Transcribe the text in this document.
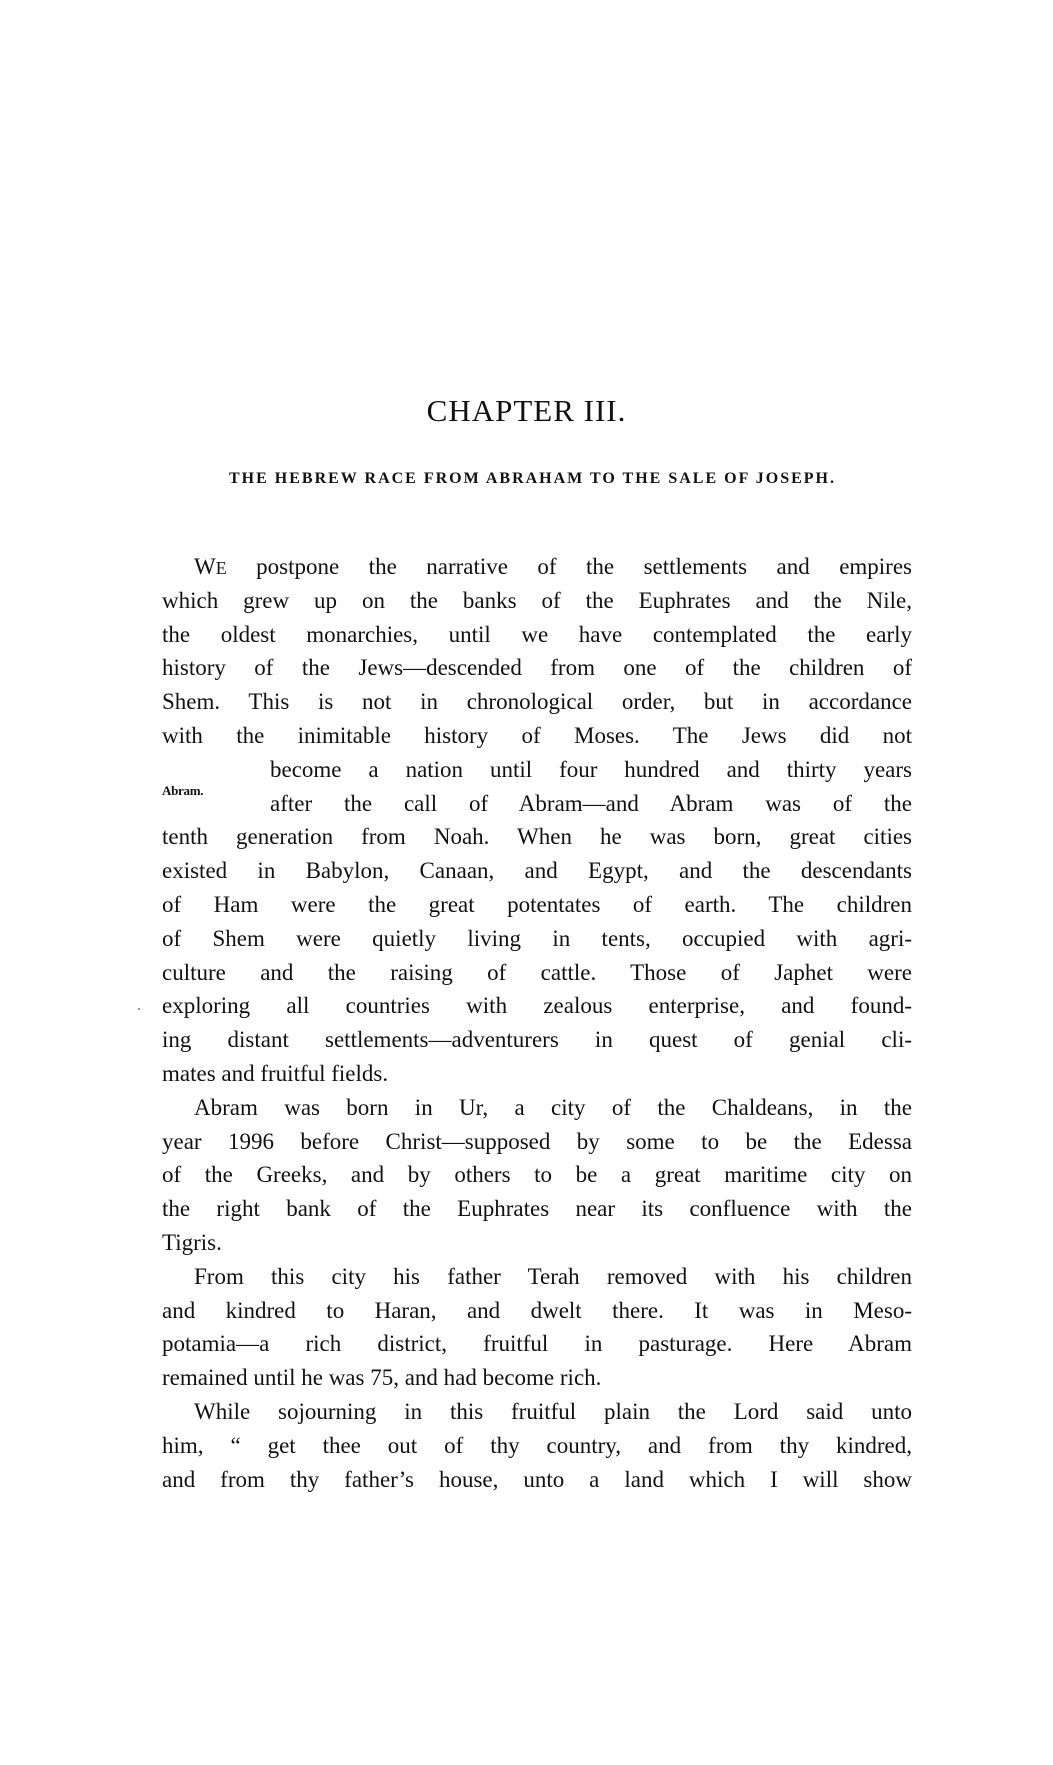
CHAPTER III.
THE HEBREW RACE FROM ABRAHAM TO THE SALE OF JOSEPH.
Abram.
WE postpone the narrative of the settlements and empires
which grew up on the banks of the Euphrates and the Nile,
the oldest monarchies, until we have contemplated the early
history of the Jews—descended from one of the children of
Shem. This is not in chronological order, but in accordance
with the inimitable history of Moses. The Jews did not
become a nation until four hundred and thirty years
after the call of Abram—and Abram was of the
tenth generation from Noah. When he was born, great cities
existed in Babylon, Canaan, and Egypt, and the descendants
of Ham were the great potentates of earth. The children
of Shem were quietly living in tents, occupied with agri-
culture and the raising of cattle. Those of Japhet were
exploring all countries with zealous enterprise, and found-
ing distant settlements—adventurers in quest of genial cli-
mates and fruitful fields.
Abram was born in Ur, a city of the Chaldeans, in the
year 1996 before Christ—supposed by some to be the Edessa
of the Greeks, and by others to be a great maritime city on
the right bank of the Euphrates near its confluence with the
Tigris.
From this city his father Terah removed with his children
and kindred to Haran, and dwelt there. It was in Meso-
potamia—a rich district, fruitful in pasturage. Here Abram
remained until he was 75, and had become rich.
While sojourning in this fruitful plain the Lord said unto
him, “ get thee out of thy country, and from thy kindred,
and from thy father’s house, unto a land which I will show
